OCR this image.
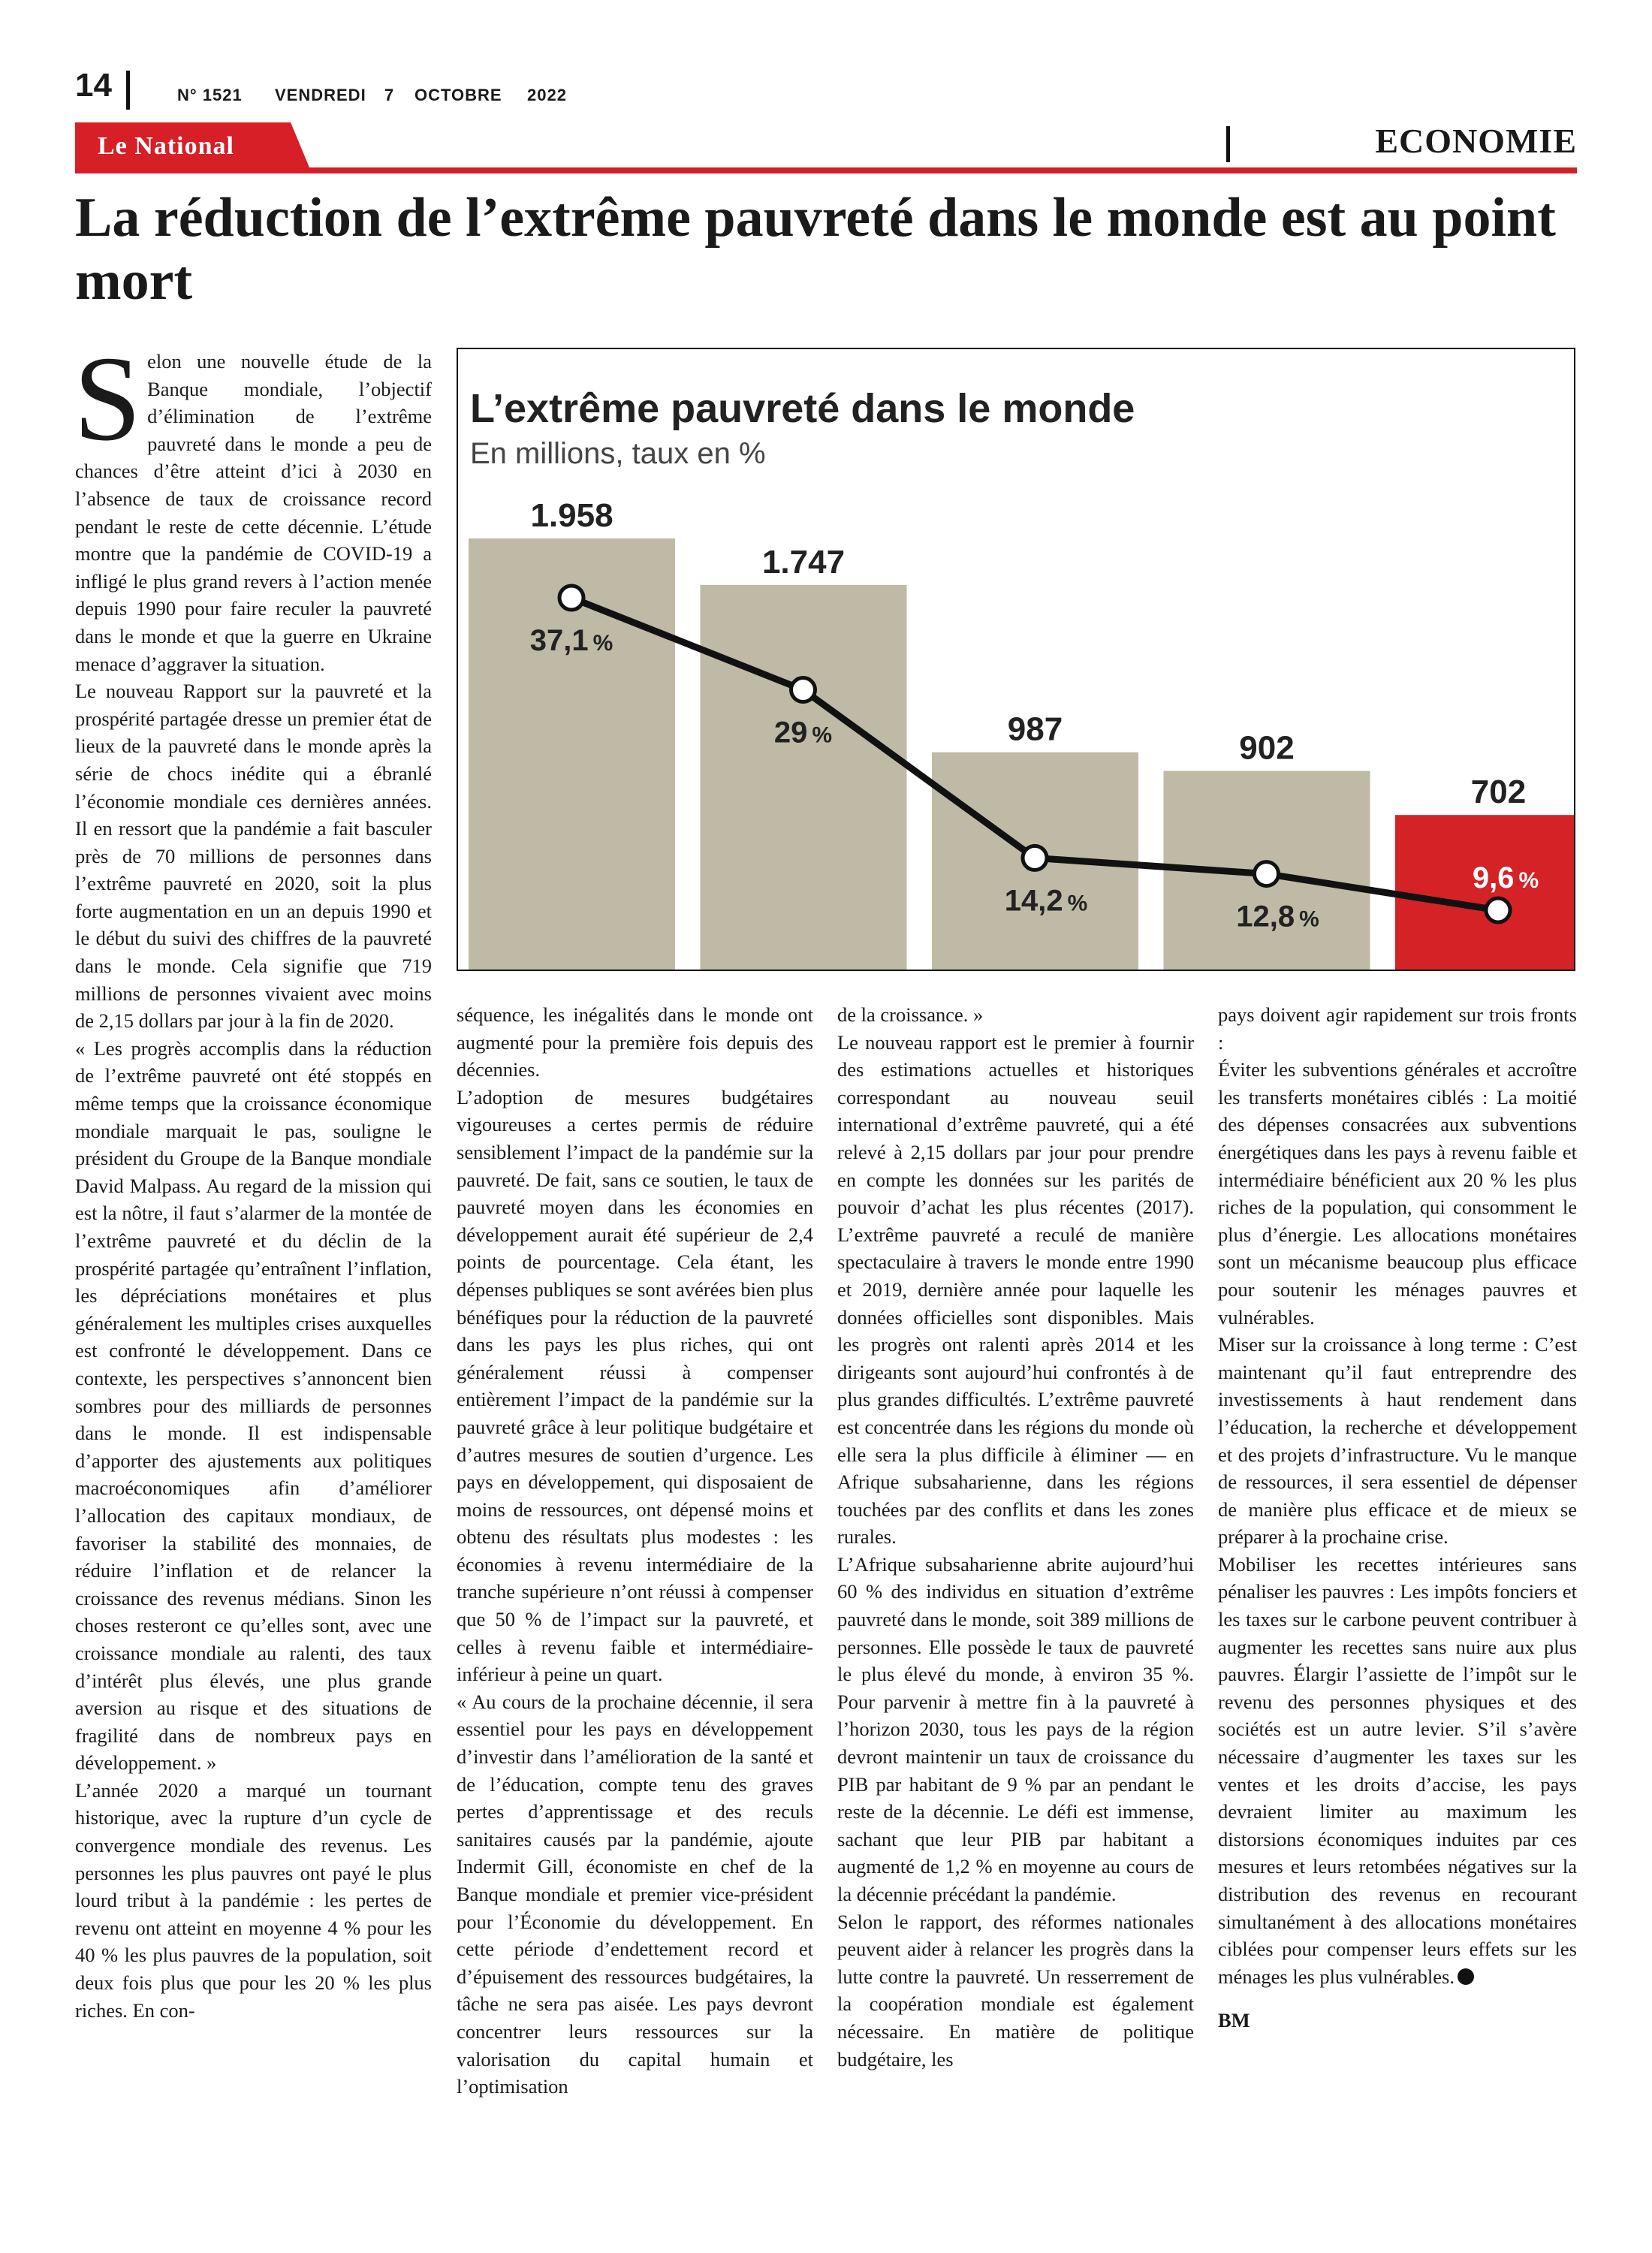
14	N° 1521 VENDREDI 7 OCTOBRE 2022
Le National	ECONOMIE
La réduction de l’extrême pauvreté dans le monde est au point mort
S elon une nouvelle étude de la Banque mondiale, l’objectif d’élimination de l’extrême pauvreté dans le monde a peu de chances d’être atteint d’ici à 2030 en l’absence de taux de croissance record pendant le reste de cette décennie. L’étude montre que la pandémie de COVID-19 a infligé le plus grand revers à l’action menée depuis 1990 pour faire reculer la pauvreté dans le monde et que la guerre en Ukraine menace d’aggraver la situation.

Le nouveau Rapport sur la pauvreté et la prospérité partagée dresse un premier état de lieux de la pauvreté dans le monde après la série de chocs inédite qui a ébranlé l’économie mondiale ces dernières années. Il en ressort que la pandémie a fait basculer près de 70 millions de personnes dans l’extrême pauvreté en 2020, soit la plus forte augmentation en un an depuis 1990 et le début du suivi des chiffres de la pauvreté dans le monde. Cela signifie que 719 millions de personnes vivaient avec moins de 2,15 dollars par jour à la fin de 2020.

« Les progrès accomplis dans la réduction de l’extrême pauvreté ont été stoppés en même temps que la croissance économique mondiale marquait le pas, souligne le président du Groupe de la Banque mondiale David Malpass. Au regard de la mission qui est la nôtre, il faut s’alarmer de la montée de l’extrême pauvreté et du déclin de la prospérité partagée qu’entraînent l’inflation, les dépréciations monétaires et plus généralement les multiples crises auxquelles est confronté le développement. Dans ce contexte, les perspectives s’annoncent bien sombres pour des milliards de personnes dans le monde. Il est indispensable d’apporter des ajustements aux politiques macroéconomiques afin d’améliorer l’allocation des capitaux mondiaux, de favoriser la stabilité des monnaies, de réduire l’inflation et de relancer la croissance des revenus médians. Sinon les choses resteront ce qu’elles sont, avec une croissance mondiale au ralenti, des taux d’intérêt plus élevés, une plus grande aversion au risque et des situations de fragilité dans de nombreux pays en développement. »

L’année 2020 a marqué un tournant historique, avec la rupture d’un cycle de convergence mondiale des revenus. Les personnes les plus pauvres ont payé le plus lourd tribut à la pandémie : les pertes de revenu ont atteint en moyenne 4 % pour les 40 % les plus pauvres de la population, soit deux fois plus que pour les 20 % les plus riches. En con-

L’extrême pauvreté dans le monde
En millions, taux en %
1.958
37,1 %
1.747
29 %	987
14,2 %
902
12,8 %
702
9,6 %

séquence, les inégalités dans le monde ont augmenté pour la première fois depuis des décennies.

L’adoption de mesures budgétaires vigoureuses a certes permis de réduire sensiblement l’impact de la pandémie sur la pauvreté. De fait, sans ce soutien, le taux de pauvreté moyen dans les économies en développement aurait été supérieur de 2,4 points de pourcentage. Cela étant, les dépenses publiques se sont avérées bien plus bénéfiques pour la réduction de la pauvreté dans les pays les plus riches, qui ont généralement réussi à compenser entièrement l’impact de la pandémie sur la pauvreté grâce à leur politique budgétaire et d’autres mesures de soutien d’urgence. Les pays en développement, qui disposaient de moins de ressources, ont dépensé moins et obtenu des résultats plus modestes : les économies à revenu intermédiaire de la tranche supérieure n’ont réussi à compenser que 50 % de l’impact sur la pauvreté, et celles à revenu faible et intermédiaire-inférieur à peine un quart.

« Au cours de la prochaine décennie, il sera essentiel pour les pays en développement d’investir dans l’amélioration de la santé et de l’éducation, compte tenu des graves pertes d’apprentissage et des reculs sanitaires causés par la pandémie, ajoute Indermit Gill, économiste en chef de la Banque mondiale et premier vice-président pour l’Économie du développement. En cette période d’endettement record et d’épuisement des ressources budgétaires, la tâche ne sera pas aisée. Les pays devront concentrer leurs ressources sur la valorisation du capital humain et l’optimisation

de la croissance. »

Le nouveau rapport est le premier à fournir des estimations actuelles et historiques correspondant au nouveau seuil international d’extrême pauvreté, qui a été relevé à 2,15 dollars par jour pour prendre en compte les données sur les parités de pouvoir d’achat les plus récentes (2017). L’extrême pauvreté a reculé de manière spectaculaire à travers le monde entre 1990 et 2019, dernière année pour laquelle les données officielles sont disponibles. Mais les progrès ont ralenti après 2014 et les dirigeants sont aujourd’hui confrontés à de plus grandes difficultés. L’extrême pauvreté est concentrée dans les régions du monde où elle sera la plus difficile à éliminer — en Afrique subsaharienne, dans les régions touchées par des conflits et dans les zones rurales.

L’Afrique subsaharienne abrite aujourd’hui 60 % des individus en situation d’extrême pauvreté dans le monde, soit 389 millions de personnes. Elle possède le taux de pauvreté le plus élevé du monde, à environ 35 %. Pour parvenir à mettre fin à la pauvreté à l’horizon 2030, tous les pays de la région devront maintenir un taux de croissance du PIB par habitant de 9 % par an pendant le reste de la décennie. Le défi est immense, sachant que leur PIB par habitant a augmenté de 1,2 % en moyenne au cours de la décennie précédant la pandémie.

Selon le rapport, des réformes nationales peuvent aider à relancer les progrès dans la lutte contre la pauvreté. Un resserrement de la coopération mondiale est également nécessaire. En matière de politique budgétaire, les

pays doivent agir rapidement sur trois fronts :

Éviter les subventions générales et accroître les transferts monétaires ciblés : La moitié des dépenses consacrées aux subventions énergétiques dans les pays à revenu faible et intermédiaire bénéficient aux 20 % les plus riches de la population, qui consomment le plus d’énergie. Les allocations monétaires sont un mécanisme beaucoup plus efficace pour soutenir les ménages pauvres et vulnérables.

Miser sur la croissance à long terme : C’est maintenant qu’il faut entreprendre des investissements à haut rendement dans l’éducation, la recherche et développement et des projets d’infrastructure. Vu le manque de ressources, il sera essentiel de dépenser de manière plus efficace et de mieux se préparer à la prochaine crise.

Mobiliser les recettes intérieures sans pénaliser les pauvres : Les impôts fonciers et les taxes sur le carbone peuvent contribuer à augmenter les recettes sans nuire aux plus pauvres. Élargir l’assiette de l’impôt sur le revenu des personnes physiques et des sociétés est un autre levier. S’il s’avère nécessaire d’augmenter les taxes sur les ventes et les droits d’accise, les pays devraient limiter au maximum les distorsions économiques induites par ces mesures et leurs retombées négatives sur la distribution des revenus en recourant simultanément à des allocations monétaires ciblées pour compenser leurs effets sur les ménages les plus vulnérables.

BM
